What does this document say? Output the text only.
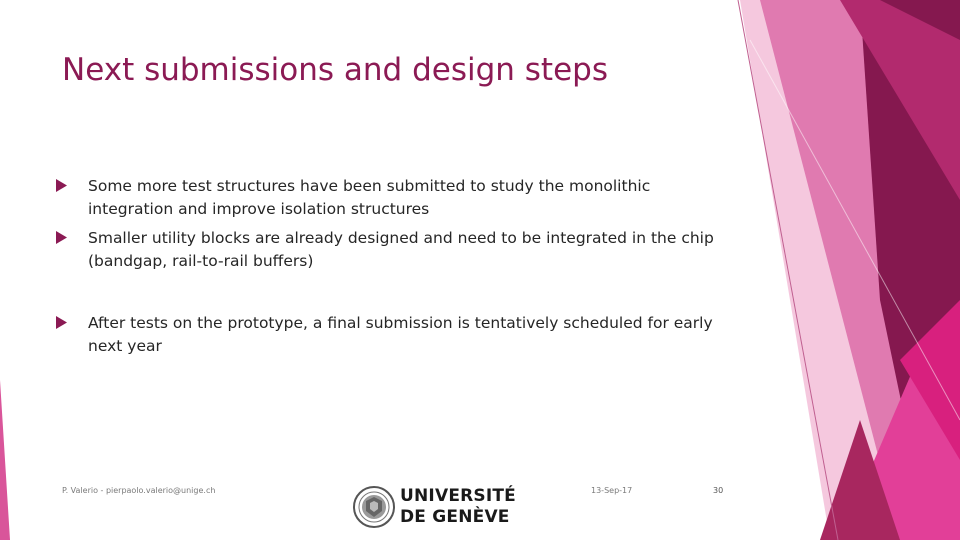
Next submissions and design steps
Some more test structures have been submitted to study the monolithic integration and improve isolation structures
Smaller utility blocks are already designed and need to be integrated in the chip (bandgap, rail-to-rail buffers)
After tests on the prototype, a final submission is tentatively scheduled for early next year
P. Valerio - pierpaolo.valerio@unige.ch	UNIVERSITÉ
DE GENÈVE
13-Sep-17	30
